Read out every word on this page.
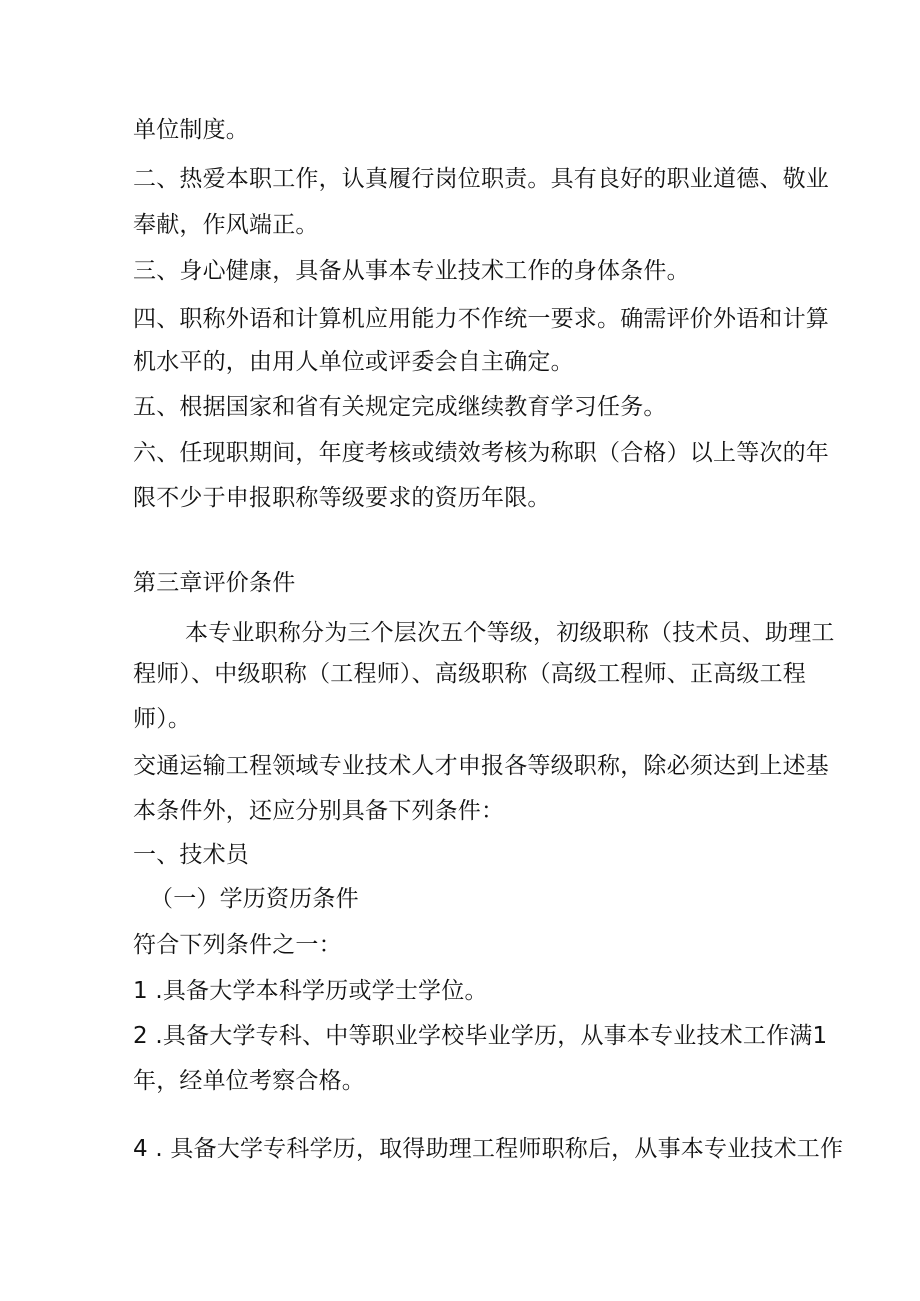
单位制度。
二、热爱本职工作，认真履行岗位职责。具有良好的职业道德、敬业
奉献，作风端正。
三、身心健康，具备从事本专业技术工作的身体条件。
四、职称外语和计算机应用能力不作统一要求。确需评价外语和计算
机水平的，由用人单位或评委会自主确定。
五、根据国家和省有关规定完成继续教育学习任务。
六、任现职期间，年度考核或绩效考核为称职（合格）以上等次的年
限不少于申报职称等级要求的资历年限。
第三章评价条件
本专业职称分为三个层次五个等级，初级职称（技术员、助理工
程师）、中级职称（工程师）、高级职称（高级工程师、正高级工程
师）。
交通运输工程领域专业技术人才申报各等级职称，除必须达到上述基
本条件外，还应分别具备下列条件：
一、技术员
（一）学历资历条件
符合下列条件之一：
1 .具备大学本科学历或学士学位。
2 .具备大学专科、中等职业学校毕业学历，从事本专业技术工作满1
年，经单位考察合格。
4 . 具备大学专科学历，取得助理工程师职称后，从事本专业技术工作
